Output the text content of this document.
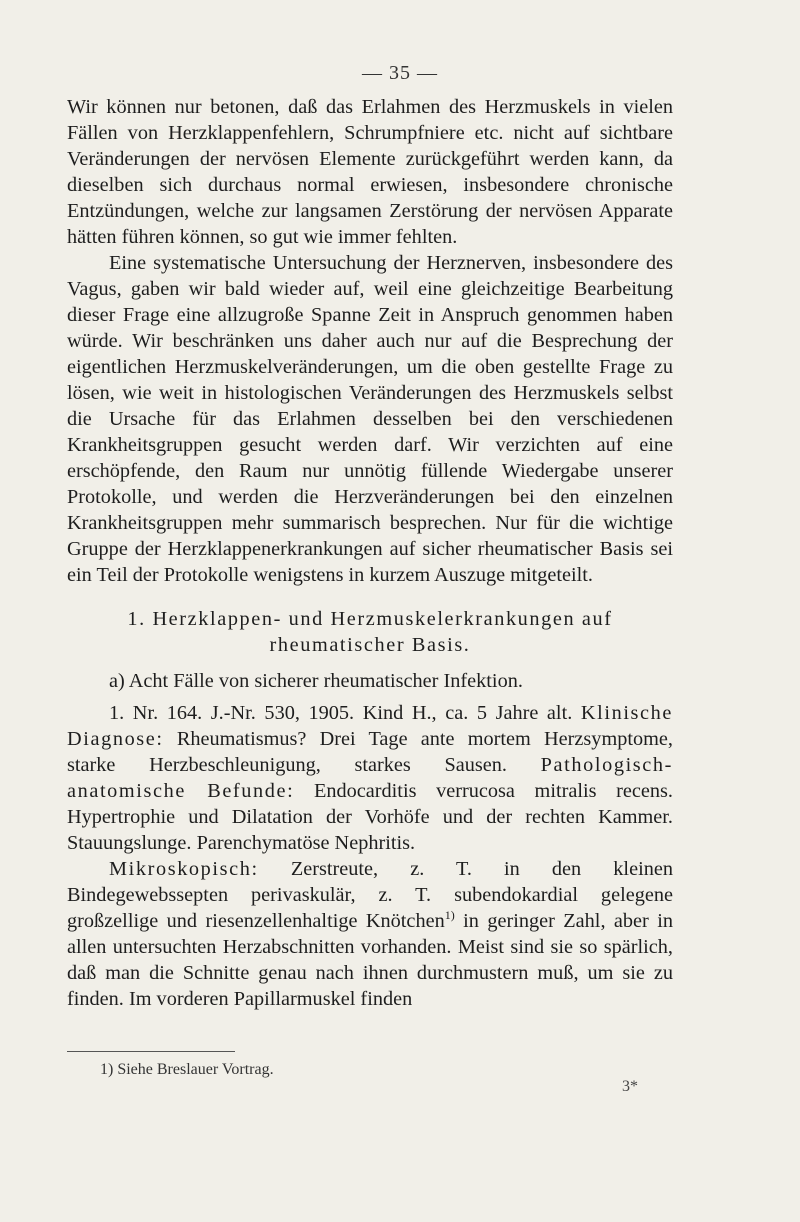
— 35 —

Wir können nur betonen, daß das Erlahmen des Herzmuskels in vielen Fällen von Herzklappenfehlern, Schrumpfniere etc. nicht auf sichtbare Veränderungen der nervösen Elemente zurückgeführt werden kann, da dieselben sich durchaus normal erwiesen, insbesondere chronische Entzündungen, welche zur langsamen Zerstörung der nervösen Apparate hätten führen können, so gut wie immer fehlten.

Eine systematische Untersuchung der Herznerven, insbesondere des Vagus, gaben wir bald wieder auf, weil eine gleichzeitige Bearbeitung dieser Frage eine allzugroße Spanne Zeit in Anspruch genommen haben würde. Wir beschränken uns daher auch nur auf die Besprechung der eigentlichen Herzmuskelveränderungen, um die oben gestellte Frage zu lösen, wie weit in histologischen Veränderungen des Herzmuskels selbst die Ursache für das Erlahmen desselben bei den verschiedenen Krankheitsgruppen gesucht werden darf. Wir verzichten auf eine erschöpfende, den Raum nur unnötig füllende Wiedergabe unserer Protokolle, und werden die Herzveränderungen bei den einzelnen Krankheitsgruppen mehr summarisch besprechen. Nur für die wichtige Gruppe der Herzklappenerkrankungen auf sicher rheumatischer Basis sei ein Teil der Protokolle wenigstens in kurzem Auszuge mitgeteilt.

1. Herzklappen- und Herzmuskelerkrankungen auf rheumatischer Basis.

a) Acht Fälle von sicherer rheumatischer Infektion.

1. Nr. 164. J.-Nr. 530, 1905. Kind H., ca. 5 Jahre alt. Klinische Diagnose: Rheumatismus? Drei Tage ante mortem Herzsymptome, starke Herzbeschleunigung, starkes Sausen. Pathologisch-anatomische Befunde: Endocarditis verrucosa mitralis recens. Hypertrophie und Dilatation der Vorhöfe und der rechten Kammer. Stauungslunge. Parenchymatöse Nephritis.

Mikroskopisch: Zerstreute, z. T. in den kleinen Bindegewebssepten perivaskulär, z. T. subendokardial gelegene großzellige und riesenzellenhaltige Knötchen$^{1)}$ in geringer Zahl, aber in allen untersuchten Herzabschnitten vorhanden. Meist sind sie so spärlich, daß man die Schnitte genau nach ihnen durchmustern muß, um sie zu finden. Im vorderen Papillarmuskel finden

1) Siehe Breslauer Vortrag.
3*
